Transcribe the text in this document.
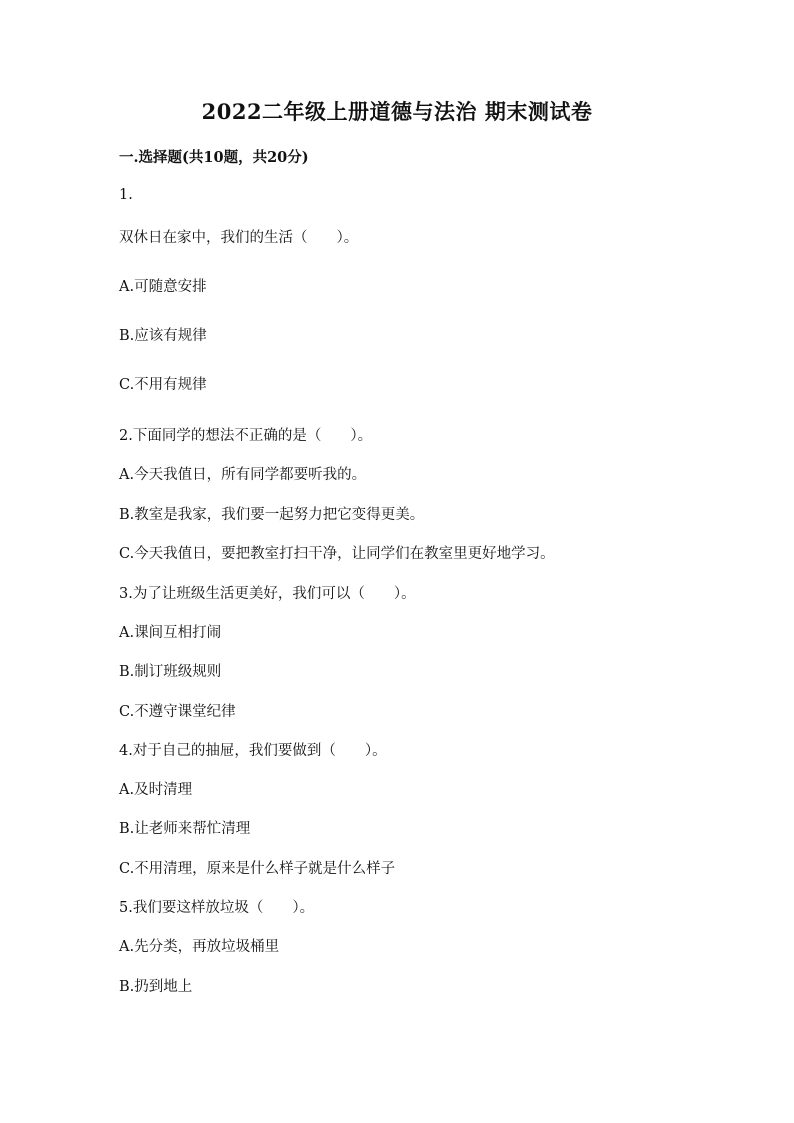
2022二年级上册道德与法治 期末测试卷
一.选择题(共10题，共20分)
1.
双休日在家中，我们的生活（　　）。
A.可随意安排
B.应该有规律
C.不用有规律
2.下面同学的想法不正确的是（　　）。
A.今天我值日，所有同学都要听我的。
B.教室是我家，我们要一起努力把它变得更美。
C.今天我值日，要把教室打扫干净，让同学们在教室里更好地学习。
3.为了让班级生活更美好，我们可以（　　）。
A.课间互相打闹
B.制订班级规则
C.不遵守课堂纪律
4.对于自己的抽屉，我们要做到（　　）。
A.及时清理
B.让老师来帮忙清理
C.不用清理，原来是什么样子就是什么样子
5.我们要这样放垃圾（　　）。
A.先分类，再放垃圾桶里
B.扔到地上
